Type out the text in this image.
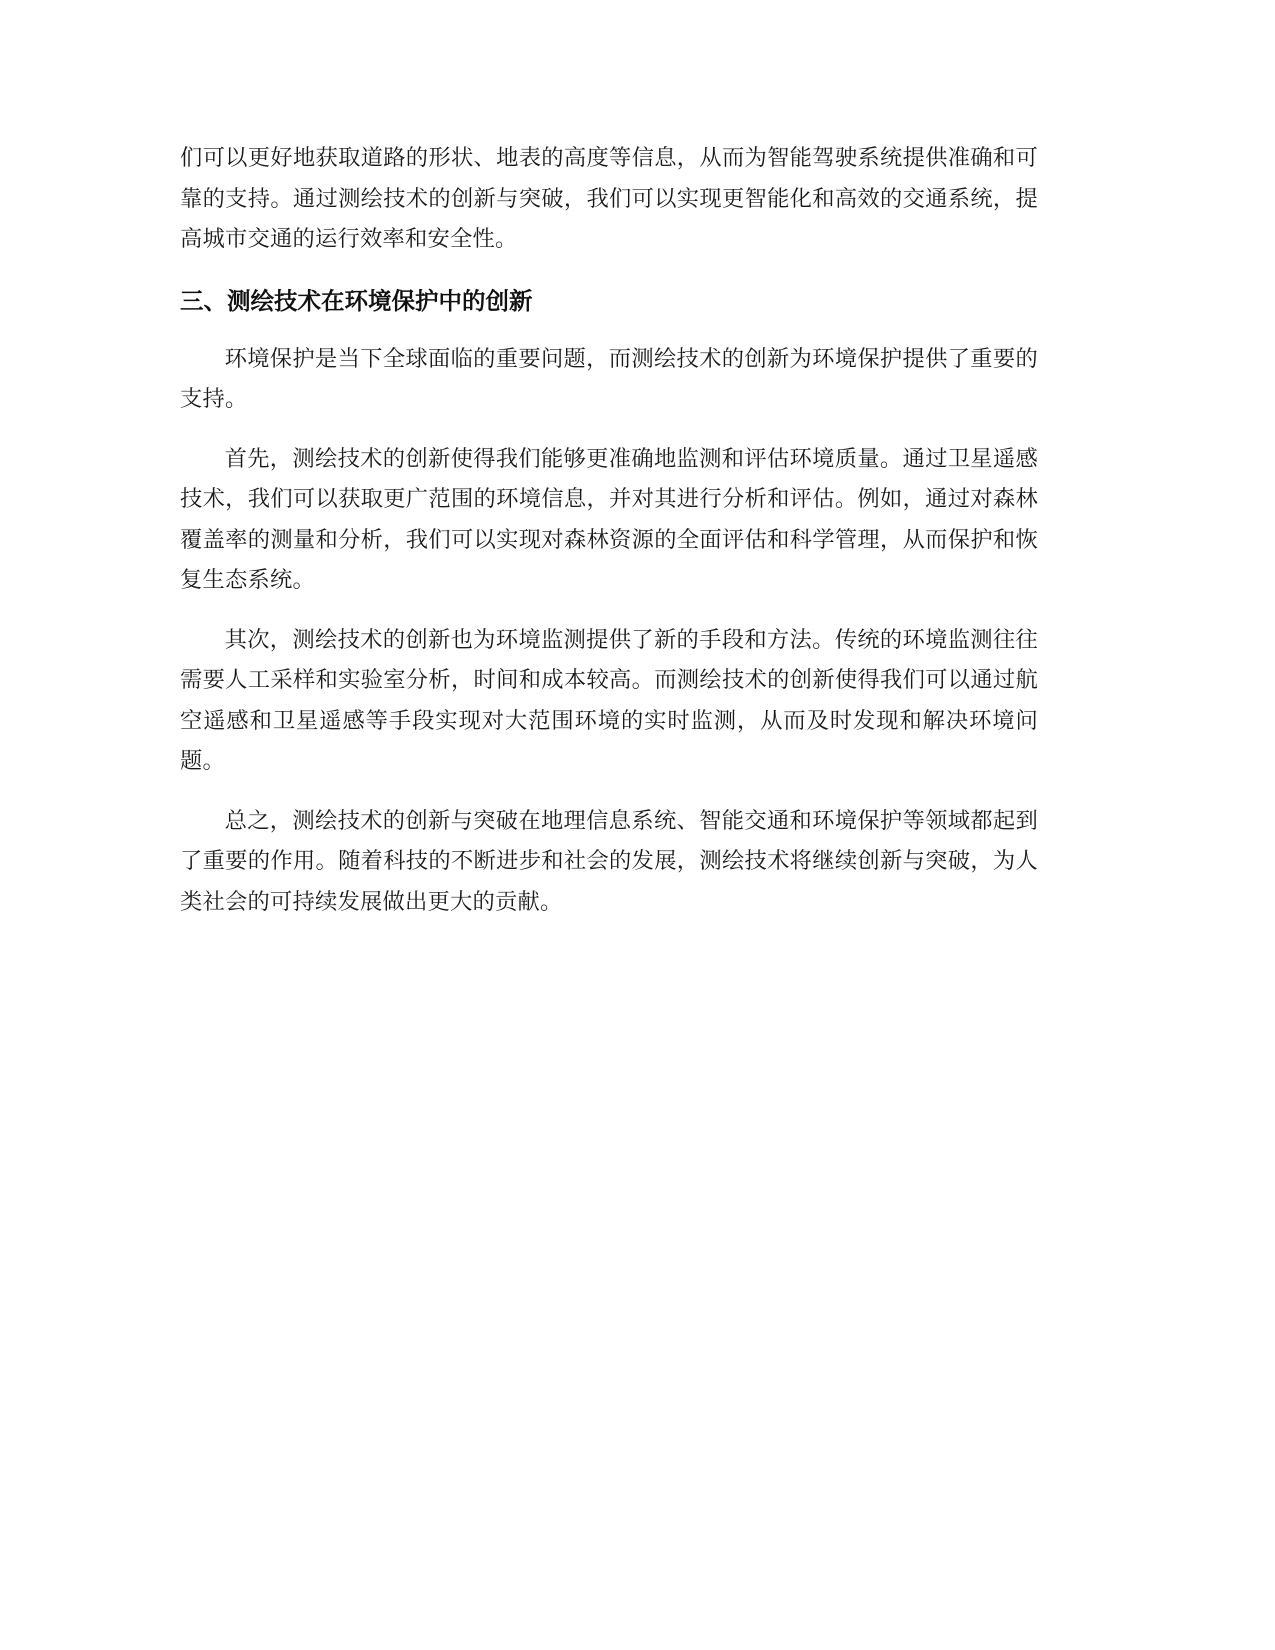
们可以更好地获取道路的形状、地表的高度等信息，从而为智能驾驶系统提供准确和可靠的支持。通过测绘技术的创新与突破，我们可以实现更智能化和高效的交通系统，提高城市交通的运行效率和安全性。

三、测绘技术在环境保护中的创新

环境保护是当下全球面临的重要问题，而测绘技术的创新为环境保护提供了重要的支持。

首先，测绘技术的创新使得我们能够更准确地监测和评估环境质量。通过卫星遥感技术，我们可以获取更广范围的环境信息，并对其进行分析和评估。例如，通过对森林覆盖率的测量和分析，我们可以实现对森林资源的全面评估和科学管理，从而保护和恢复生态系统。

其次，测绘技术的创新也为环境监测提供了新的手段和方法。传统的环境监测往往需要人工采样和实验室分析，时间和成本较高。而测绘技术的创新使得我们可以通过航空遥感和卫星遥感等手段实现对大范围环境的实时监测，从而及时发现和解决环境问题。

总之，测绘技术的创新与突破在地理信息系统、智能交通和环境保护等领域都起到了重要的作用。随着科技的不断进步和社会的发展，测绘技术将继续创新与突破，为人类社会的可持续发展做出更大的贡献。
